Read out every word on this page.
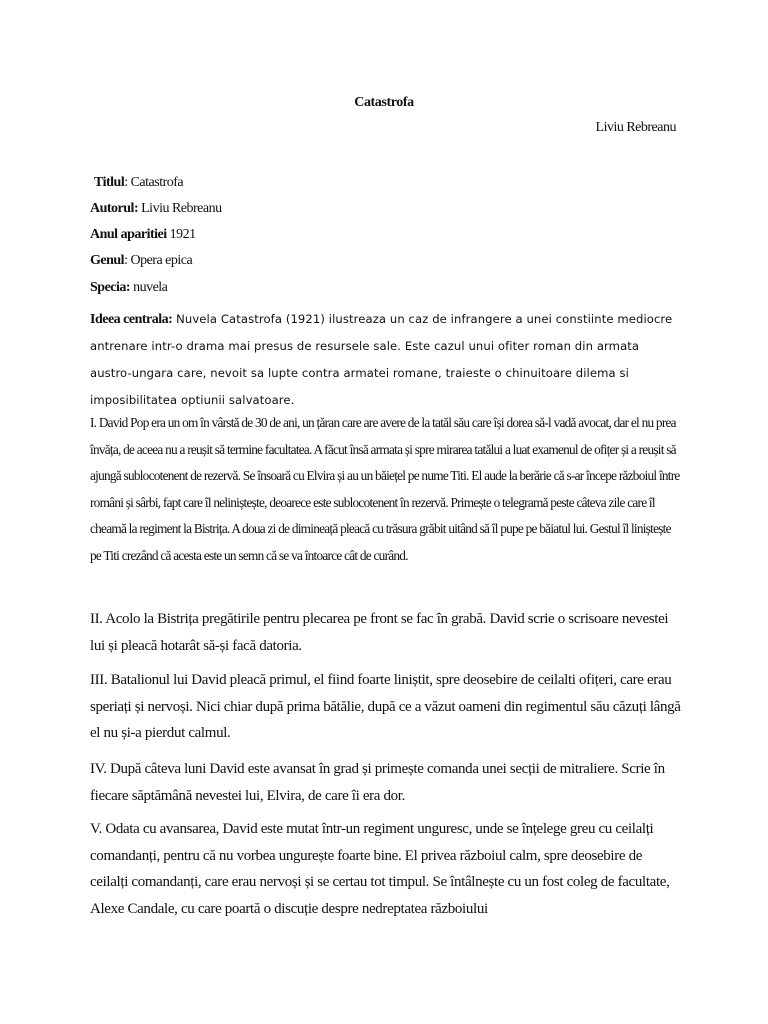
Catastrofa
Liviu Rebreanu
Titlul: Catastrofa
Autorul: Liviu Rebreanu
Anul aparitiei 1921
Genul: Opera epica
Specia: nuvela
Ideea centrala: Nuvela Catastrofa (1921) ilustreaza un caz de infrangere a unei constiinte mediocre antrenare intr-o drama mai presus de resursele sale. Este cazul unui ofiter roman din armata austro-ungara care, nevoit sa lupte contra armatei romane, traieste o chinuitoare dilema si imposibilitatea optiunii salvatoare.
I. David Pop era un om în vârstă de 30 de ani, un țăran care are avere de la tatăl său care își dorea să-l vadă avocat, dar el nu prea învăța, de aceea nu a reușit să termine facultatea. A făcut însă armata și spre mirarea tatălui a luat examenul de ofițer și a reușit să ajungă sublocotenent de rezervă. Se însoară cu Elvira și au un băiețel pe nume Titi. El aude la berărie că s-ar începe războiul între români și sârbi, fapt care îl neliniștește, deoarece este sublocotenent în rezervă. Primește o telegramă peste câteva zile care îl cheamă la regiment la Bistrița. A doua zi de dimineață pleacă cu trăsura grăbit uitând să îl pupe pe băiatul lui. Gestul îl liniștește pe Titi crezând că acesta este un semn că se va întoarce cât de curând.
II. Acolo la Bistrița pregătirile pentru plecarea pe front se fac în grabă. David scrie o scrisoare nevestei lui și pleacă hotarât să-și facă datoria.
III. Batalionul lui David pleacă primul, el fiind foarte liniștit, spre deosebire de ceilalti ofițeri, care erau speriați și nervoși. Nici chiar după prima bătălie, după ce a văzut oameni din regimentul său căzuți lângă el nu și-a pierdut calmul.
IV. După câteva luni David este avansat în grad și primește comanda unei secții de mitraliere. Scrie în fiecare săptămână nevestei lui, Elvira, de care îi era dor.
V. Odata cu avansarea, David este mutat într-un regiment unguresc, unde se înțelege greu cu ceilalți comandanți, pentru că nu vorbea ungurește foarte bine. El privea războiul calm, spre deosebire de ceilalți comandanți, care erau nervoși și se certau tot timpul. Se întâlnește cu un fost coleg de facultate, Alexe Candale, cu care poartă o discuție despre nedreptatea războiului
